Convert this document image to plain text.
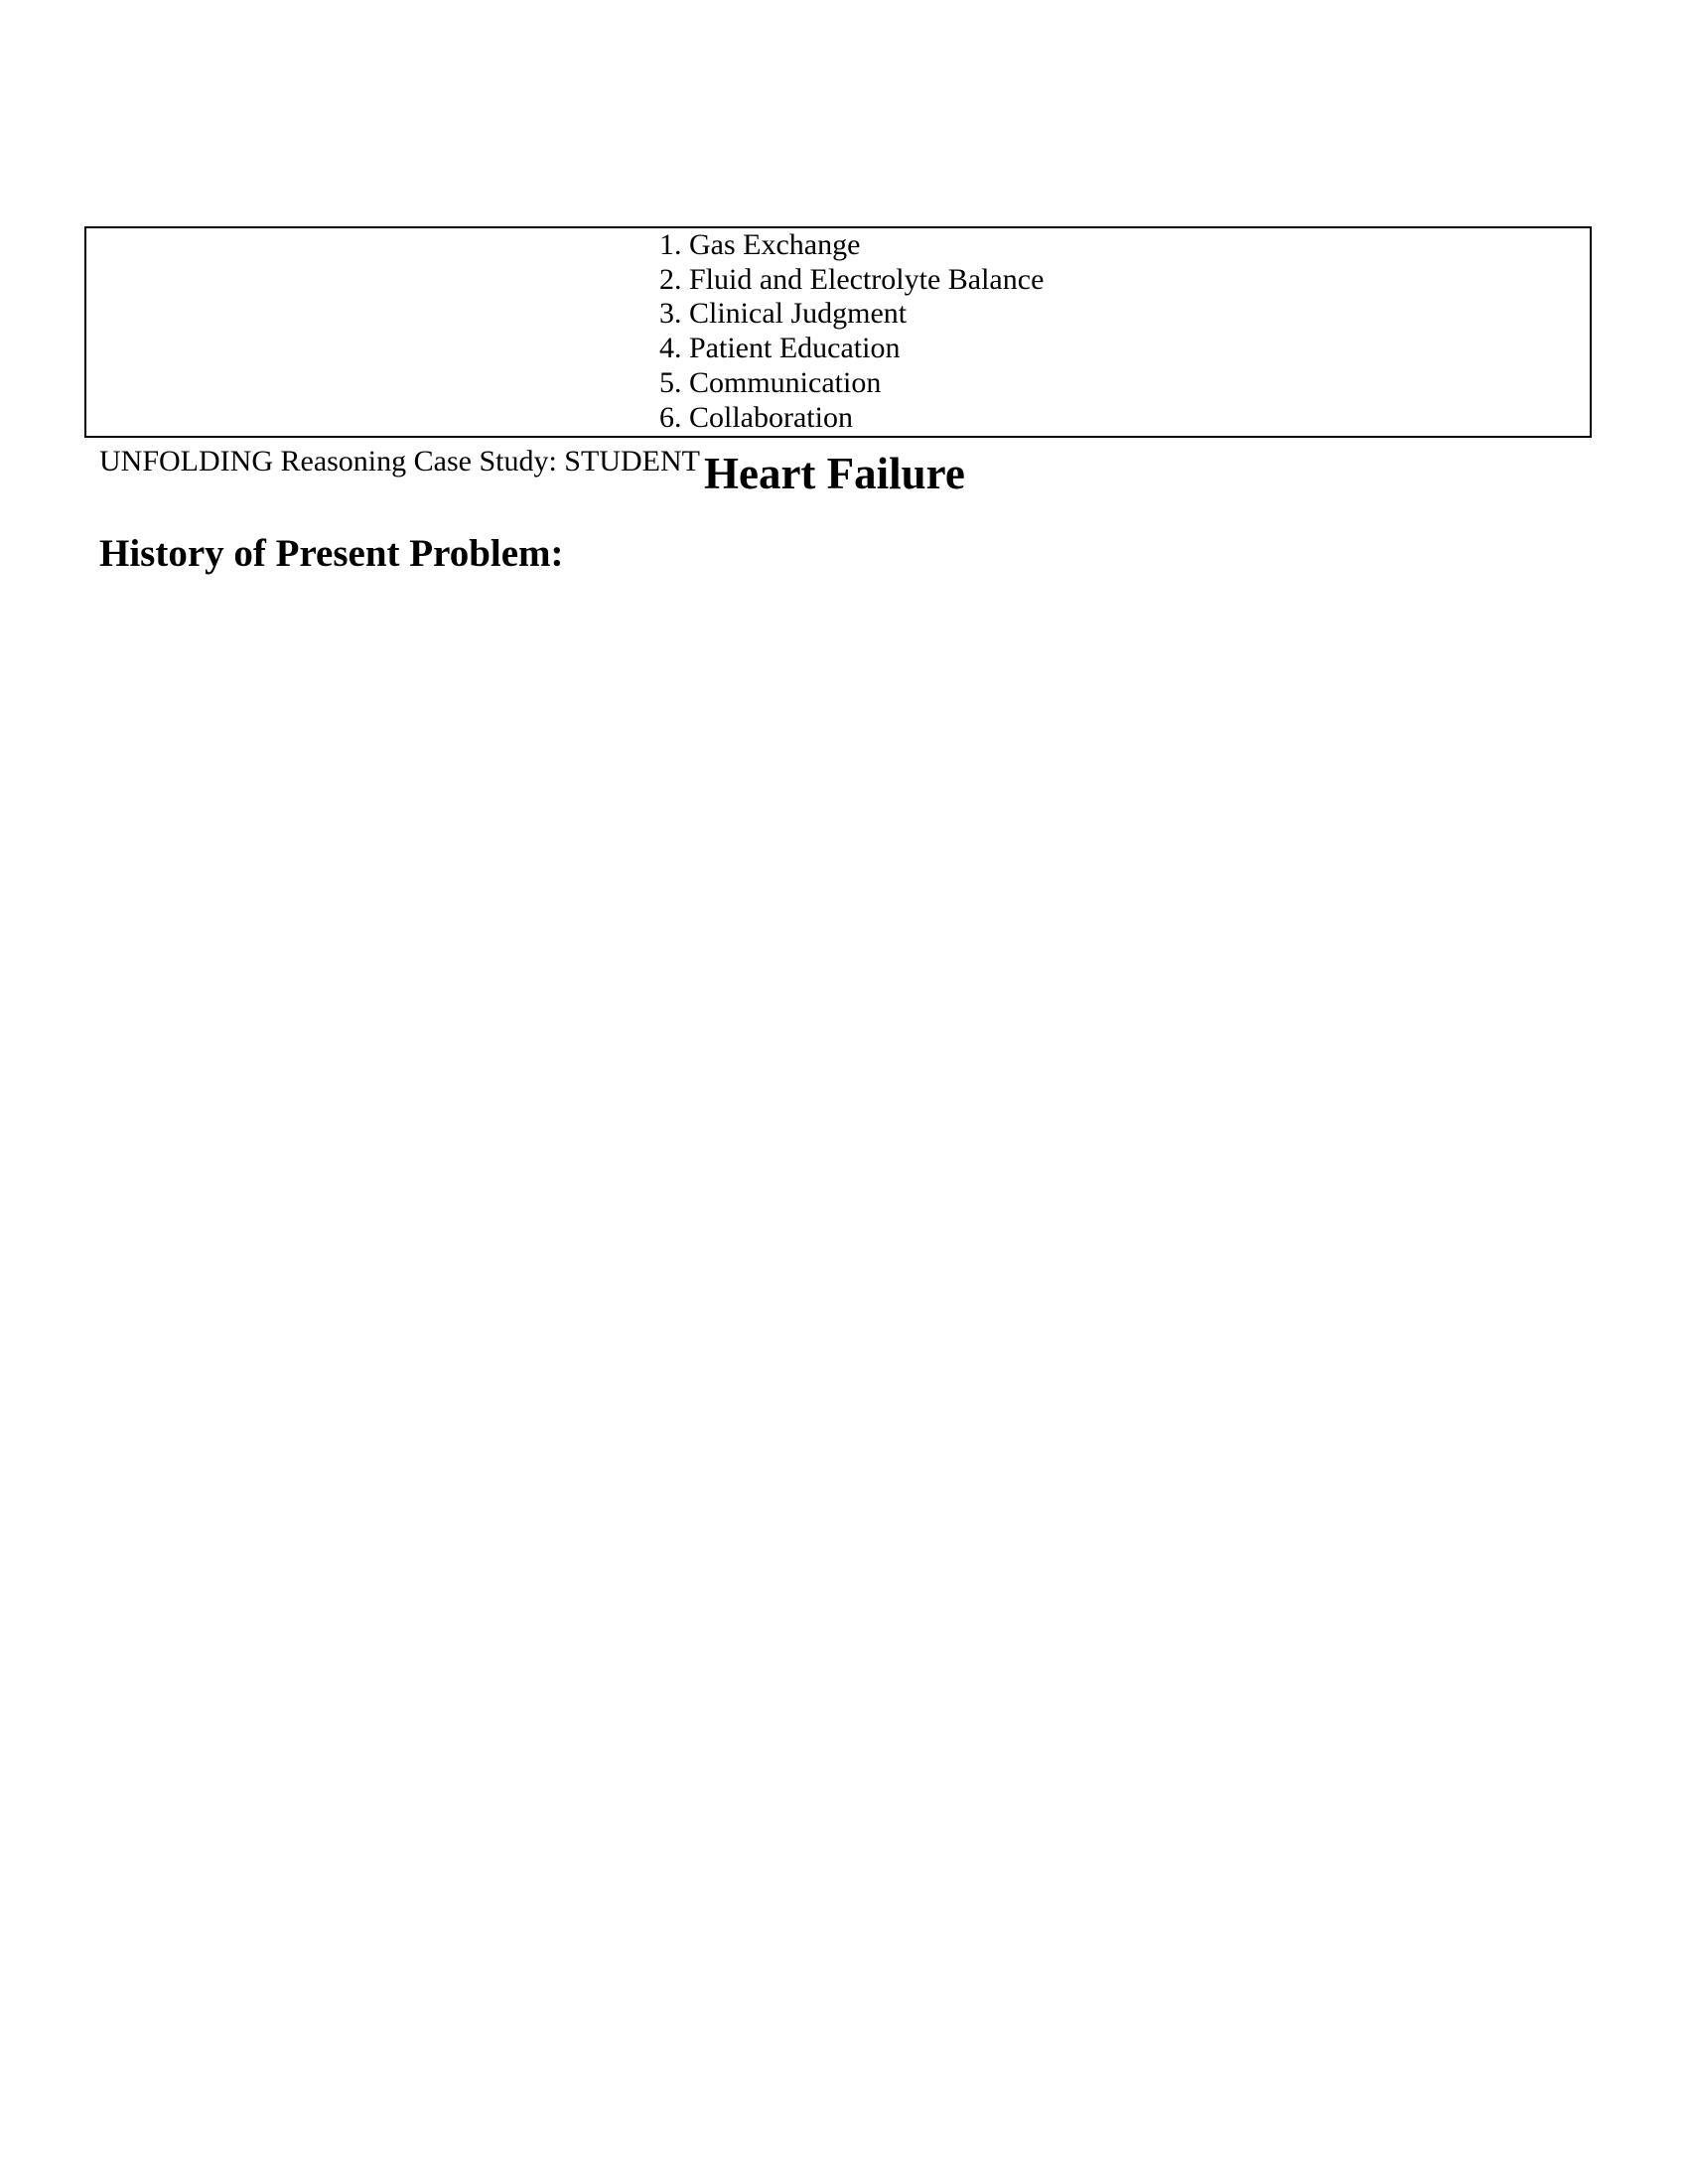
1. Gas Exchange
2. Fluid and Electrolyte Balance
3. Clinical Judgment
4. Patient Education
5. Communication
6. Collaboration
UNFOLDING Reasoning Case Study: STUDENTHeart Failure
History of Present Problem:
